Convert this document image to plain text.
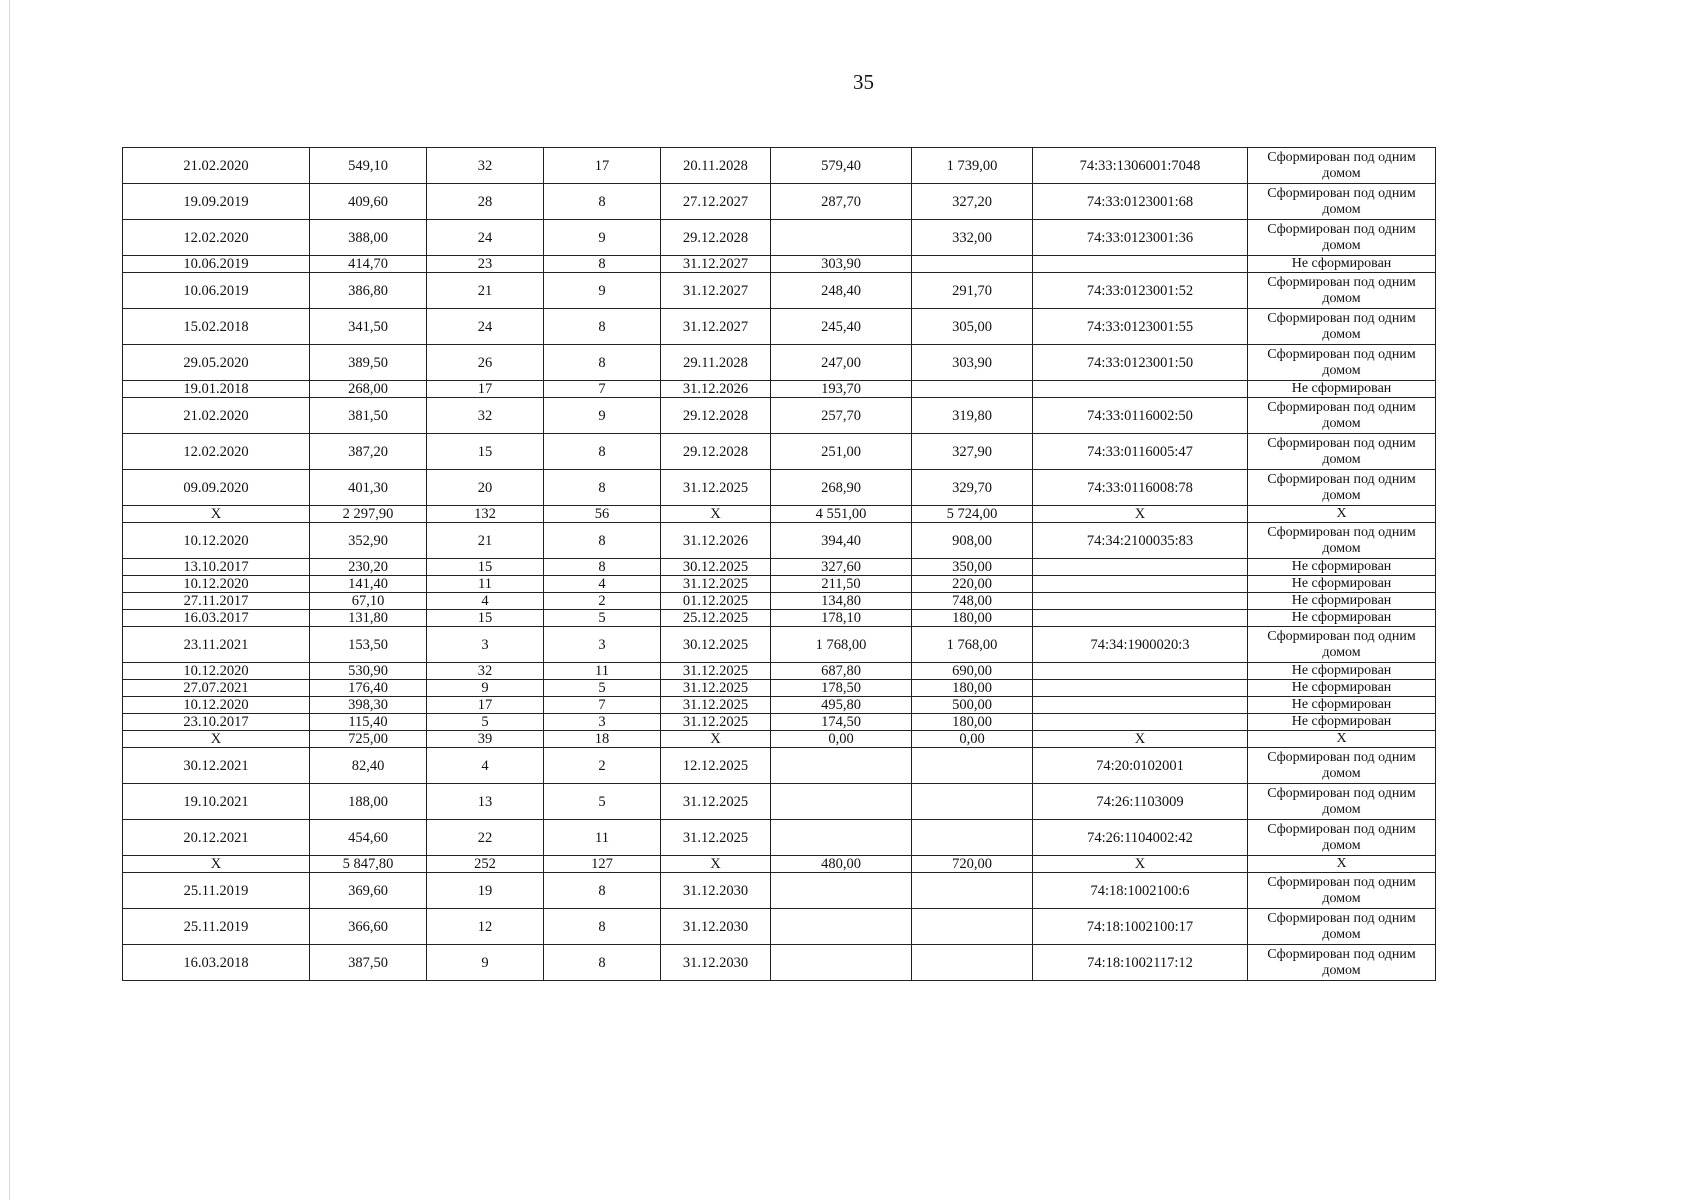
35
21.02.2020	549,10	32	17	20.11.2028	579,40	1 739,00	74:33:1306001:7048	Сформирован под одним домом
19.09.2019	409,60	28	8	27.12.2027	287,70	327,20	74:33:0123001:68	Сформирован под одним домом
12.02.2020	388,00	24	9	29.12.2028		332,00	74:33:0123001:36	Сформирован под одним домом
10.06.2019	414,70	23	8	31.12.2027	303,90			Не сформирован
10.06.2019	386,80	21	9	31.12.2027	248,40	291,70	74:33:0123001:52	Сформирован под одним домом
15.02.2018	341,50	24	8	31.12.2027	245,40	305,00	74:33:0123001:55	Сформирован под одним домом
29.05.2020	389,50	26	8	29.11.2028	247,00	303,90	74:33:0123001:50	Сформирован под одним домом
19.01.2018	268,00	17	7	31.12.2026	193,70			Не сформирован
21.02.2020	381,50	32	9	29.12.2028	257,70	319,80	74:33:0116002:50	Сформирован под одним домом
12.02.2020	387,20	15	8	29.12.2028	251,00	327,90	74:33:0116005:47	Сформирован под одним домом
09.09.2020	401,30	20	8	31.12.2025	268,90	329,70	74:33:0116008:78	Сформирован под одним домом
X	2 297,90	132	56	X	4 551,00	5 724,00	X	X
10.12.2020	352,90	21	8	31.12.2026	394,40	908,00	74:34:2100035:83	Сформирован под одним домом
13.10.2017	230,20	15	8	30.12.2025	327,60	350,00		Не сформирован
10.12.2020	141,40	11	4	31.12.2025	211,50	220,00		Не сформирован
27.11.2017	67,10	4	2	01.12.2025	134,80	748,00		Не сформирован
16.03.2017	131,80	15	5	25.12.2025	178,10	180,00		Не сформирован
23.11.2021	153,50	3	3	30.12.2025	1 768,00	1 768,00	74:34:1900020:3	Сформирован под одним домом
10.12.2020	530,90	32	11	31.12.2025	687,80	690,00		Не сформирован
27.07.2021	176,40	9	5	31.12.2025	178,50	180,00		Не сформирован
10.12.2020	398,30	17	7	31.12.2025	495,80	500,00		Не сформирован
23.10.2017	115,40	5	3	31.12.2025	174,50	180,00		Не сформирован
X	725,00	39	18	X	0,00	0,00	X	X
30.12.2021	82,40	4	2	12.12.2025			74:20:0102001	Сформирован под одним домом
19.10.2021	188,00	13	5	31.12.2025			74:26:1103009	Сформирован под одним домом
20.12.2021	454,60	22	11	31.12.2025			74:26:1104002:42	Сформирован под одним домом
X	5 847,80	252	127	X	480,00	720,00	X	X
25.11.2019	369,60	19	8	31.12.2030			74:18:1002100:6	Сформирован под одним домом
25.11.2019	366,60	12	8	31.12.2030			74:18:1002100:17	Сформирован под одним домом
16.03.2018	387,50	9	8	31.12.2030			74:18:1002117:12	Сформирован под одним домом
